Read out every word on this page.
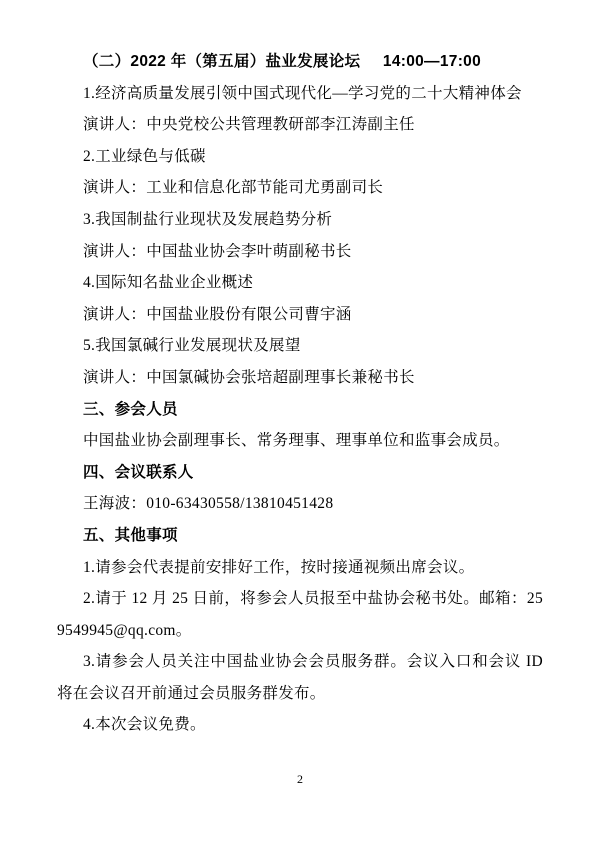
（二）2022 年（第五届）盐业发展论坛 14:00—17:00

1.经济高质量发展引领中国式现代化—学习党的二十大精神体会

演讲人：中央党校公共管理教研部李江涛副主任

2.工业绿色与低碳

演讲人：工业和信息化部节能司尤勇副司长

3.我国制盐行业现状及发展趋势分析

演讲人：中国盐业协会李叶萌副秘书长

4.国际知名盐业企业概述

演讲人：中国盐业股份有限公司曹宇涵

5.我国氯碱行业发展现状及展望

演讲人：中国氯碱协会张培超副理事长兼秘书长

三、参会人员

中国盐业协会副理事长、常务理事、理事单位和监事会成员。

四、会议联系人

王海波：010-63430558/13810451428

五、其他事项

1.请参会代表提前安排好工作，按时接通视频出席会议。

2.请于 12 月 25 日前，将参会人员报至中盐协会秘书处。邮箱：259549945@qq.com。

3.请参会人员关注中国盐业协会会员服务群。会议入口和会议 ID 将在会议召开前通过会员服务群发布。

4.本次会议免费。

2
